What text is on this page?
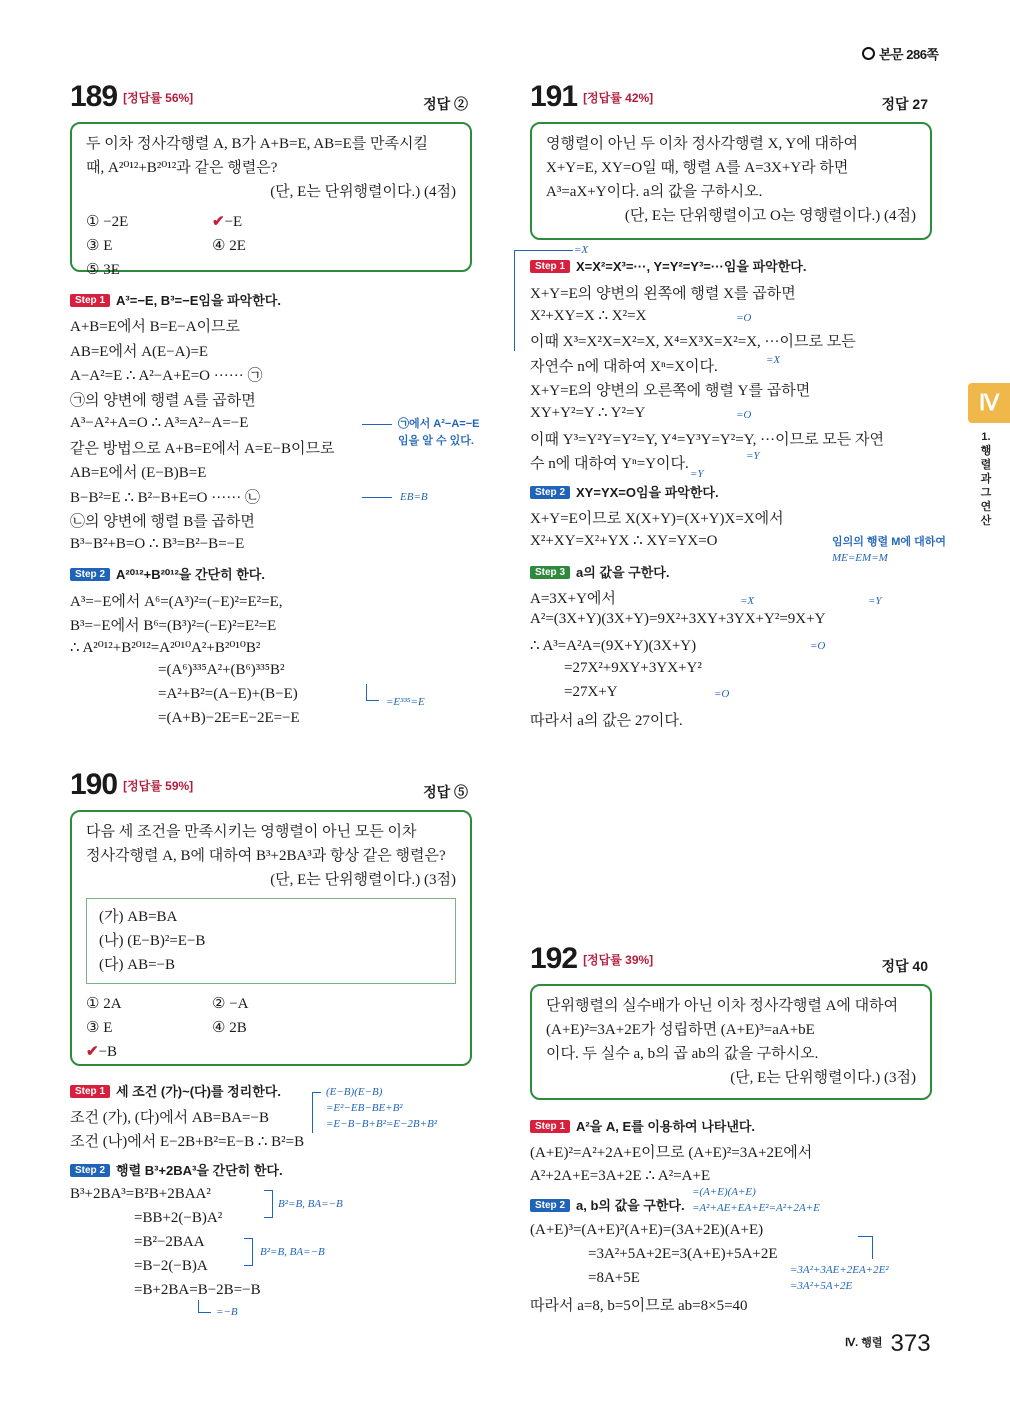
본문 286쪽
Ⅳ
1.행렬과그연산
189 [정답률 56%]	정답 ②
두 이차 정사각행렬 A, B가 A+B=E, AB=E를 만족시킬
때, A²⁰¹²+B²⁰¹²과 같은 행렬은?
(단, E는 단위행렬이다.) (4점)
① −2E	✔−E
③ E	④ 2E
⑤ 3E
Step 1 A³=−E, B³=−E임을 파악한다.
A+B=E에서 B=E−A이므로
AB=E에서 A(E−A)=E
A−A²=E ∴ A²−A+E=O ······ ㉠
㉠의 양변에 행렬 A를 곱하면
A³−A²+A=O ∴ A³=A²−A=−E
같은 방법으로 A+B=E에서 A=E−B이므로
AB=E에서 (E−B)B=E
B−B²=E ∴ B²−B+E=O ······ ㉡
㉡의 양변에 행렬 B를 곱하면
B³−B²+B=O ∴ B³=B²−B=−E
㉠에서 A²−A=−E
임을 알 수 있다.
EB=B
Step 2 A²⁰¹²+B²⁰¹²을 간단히 한다.
A³=−E에서 A⁶=(A³)²=(−E)²=E²=E,
B³=−E에서 B⁶=(B³)²=(−E)²=E²=E
∴ A²⁰¹²+B²⁰¹²=A²⁰¹⁰A²+B²⁰¹⁰B²
=(A⁶)³³⁵A²+(B⁶)³³⁵B²
=A²+B²=(A−E)+(B−E)
=(A+B)−2E=E−2E=−E
=E³³⁵=E
190 [정답률 59%]	정답 ⑤
다음 세 조건을 만족시키는 영행렬이 아닌 모든 이차
정사각행렬 A, B에 대하여 B³+2BA³과 항상 같은 행렬은?
(단, E는 단위행렬이다.) (3점)
(가) AB=BA
(나) (E−B)²=E−B
(다) AB=−B
① 2A	② −A
③ E	④ 2B
✔−B
Step 1 세 조건 (가)~(다)를 정리한다.
조건 (가), (다)에서 AB=BA=−B
조건 (나)에서 E−2B+B²=E−B ∴ B²=B
(E−B)(E−B)
=E²−EB−BE+B²
=E−B−B+B²=E−2B+B²
Step 2 행렬 B³+2BA³을 간단히 한다.
B³+2BA³=B²B+2BAA²
=BB+2(−B)A²
=B²−2BAA
=B−2(−B)A
=B+2BA=B−2B=−B
B²=B, BA=−B
B²=B, BA=−B
=−B
191 [정답률 42%]	정답 27
영행렬이 아닌 두 이차 정사각행렬 X, Y에 대하여
X+Y=E, XY=O일 때, 행렬 A를 A=3X+Y라 하면
A³=aX+Y이다. a의 값을 구하시오.
(단, E는 단위행렬이고 O는 영행렬이다.) (4점)
=X
Step 1 X=X²=X³=···, Y=Y²=Y³=···임을 파악한다.
X+Y=E의 양변의 왼쪽에 행렬 X를 곱하면
X²+XY=X ∴ X²=X
이때 X³=X²X=X²=X, X⁴=X³X=X²=X, ···이므로 모든
자연수 n에 대하여 Xⁿ=X이다.
X+Y=E의 양변의 오른쪽에 행렬 Y를 곱하면
XY+Y²=Y ∴ Y²=Y
이때 Y³=Y²Y=Y²=Y, Y⁴=Y³Y=Y²=Y, ···이므로 모든 자연
수 n에 대하여 Yⁿ=Y이다.
=O
=X
=O
=Y
=Y
Step 2 XY=YX=O임을 파악한다.
X+Y=E이므로 X(X+Y)=(X+Y)X=X에서
X²+XY=X²+YX ∴ XY=YX=O	임의의 행렬 M에 대하여
ME=EM=M
Step 3 a의 값을 구한다.
A=3X+Y에서
A²=(3X+Y)(3X+Y)=9X²+3XY+3YX+Y²=9X+Y
∴ A³=A²A=(9X+Y)(3X+Y)
=27X²+9XY+3YX+Y²
=27X+Y
따라서 a의 값은 27이다.
=X	=Y
=O
=O
192 [정답률 39%]	정답 40
단위행렬의 실수배가 아닌 이차 정사각행렬 A에 대하여
(A+E)²=3A+2E가 성립하면 (A+E)³=aA+bE
이다. 두 실수 a, b의 곱 ab의 값을 구하시오.
(단, E는 단위행렬이다.) (3점)
Step 1 A²을 A, E를 이용하여 나타낸다.
(A+E)²=A²+2A+E이므로 (A+E)²=3A+2E에서
A²+2A+E=3A+2E ∴ A²=A+E
Step 2 a, b의 값을 구한다.
=(A+E)(A+E)
=A²+AE+EA+E²=A²+2A+E
(A+E)³=(A+E)²(A+E)=(3A+2E)(A+E)
=3A²+5A+2E=3(A+E)+5A+2E
=8A+5E
따라서 a=8, b=5이므로 ab=8×5=40
=3A²+3AE+2EA+2E²
=3A²+5A+2E
$^{Ⅳ. 행렬}$ 373
